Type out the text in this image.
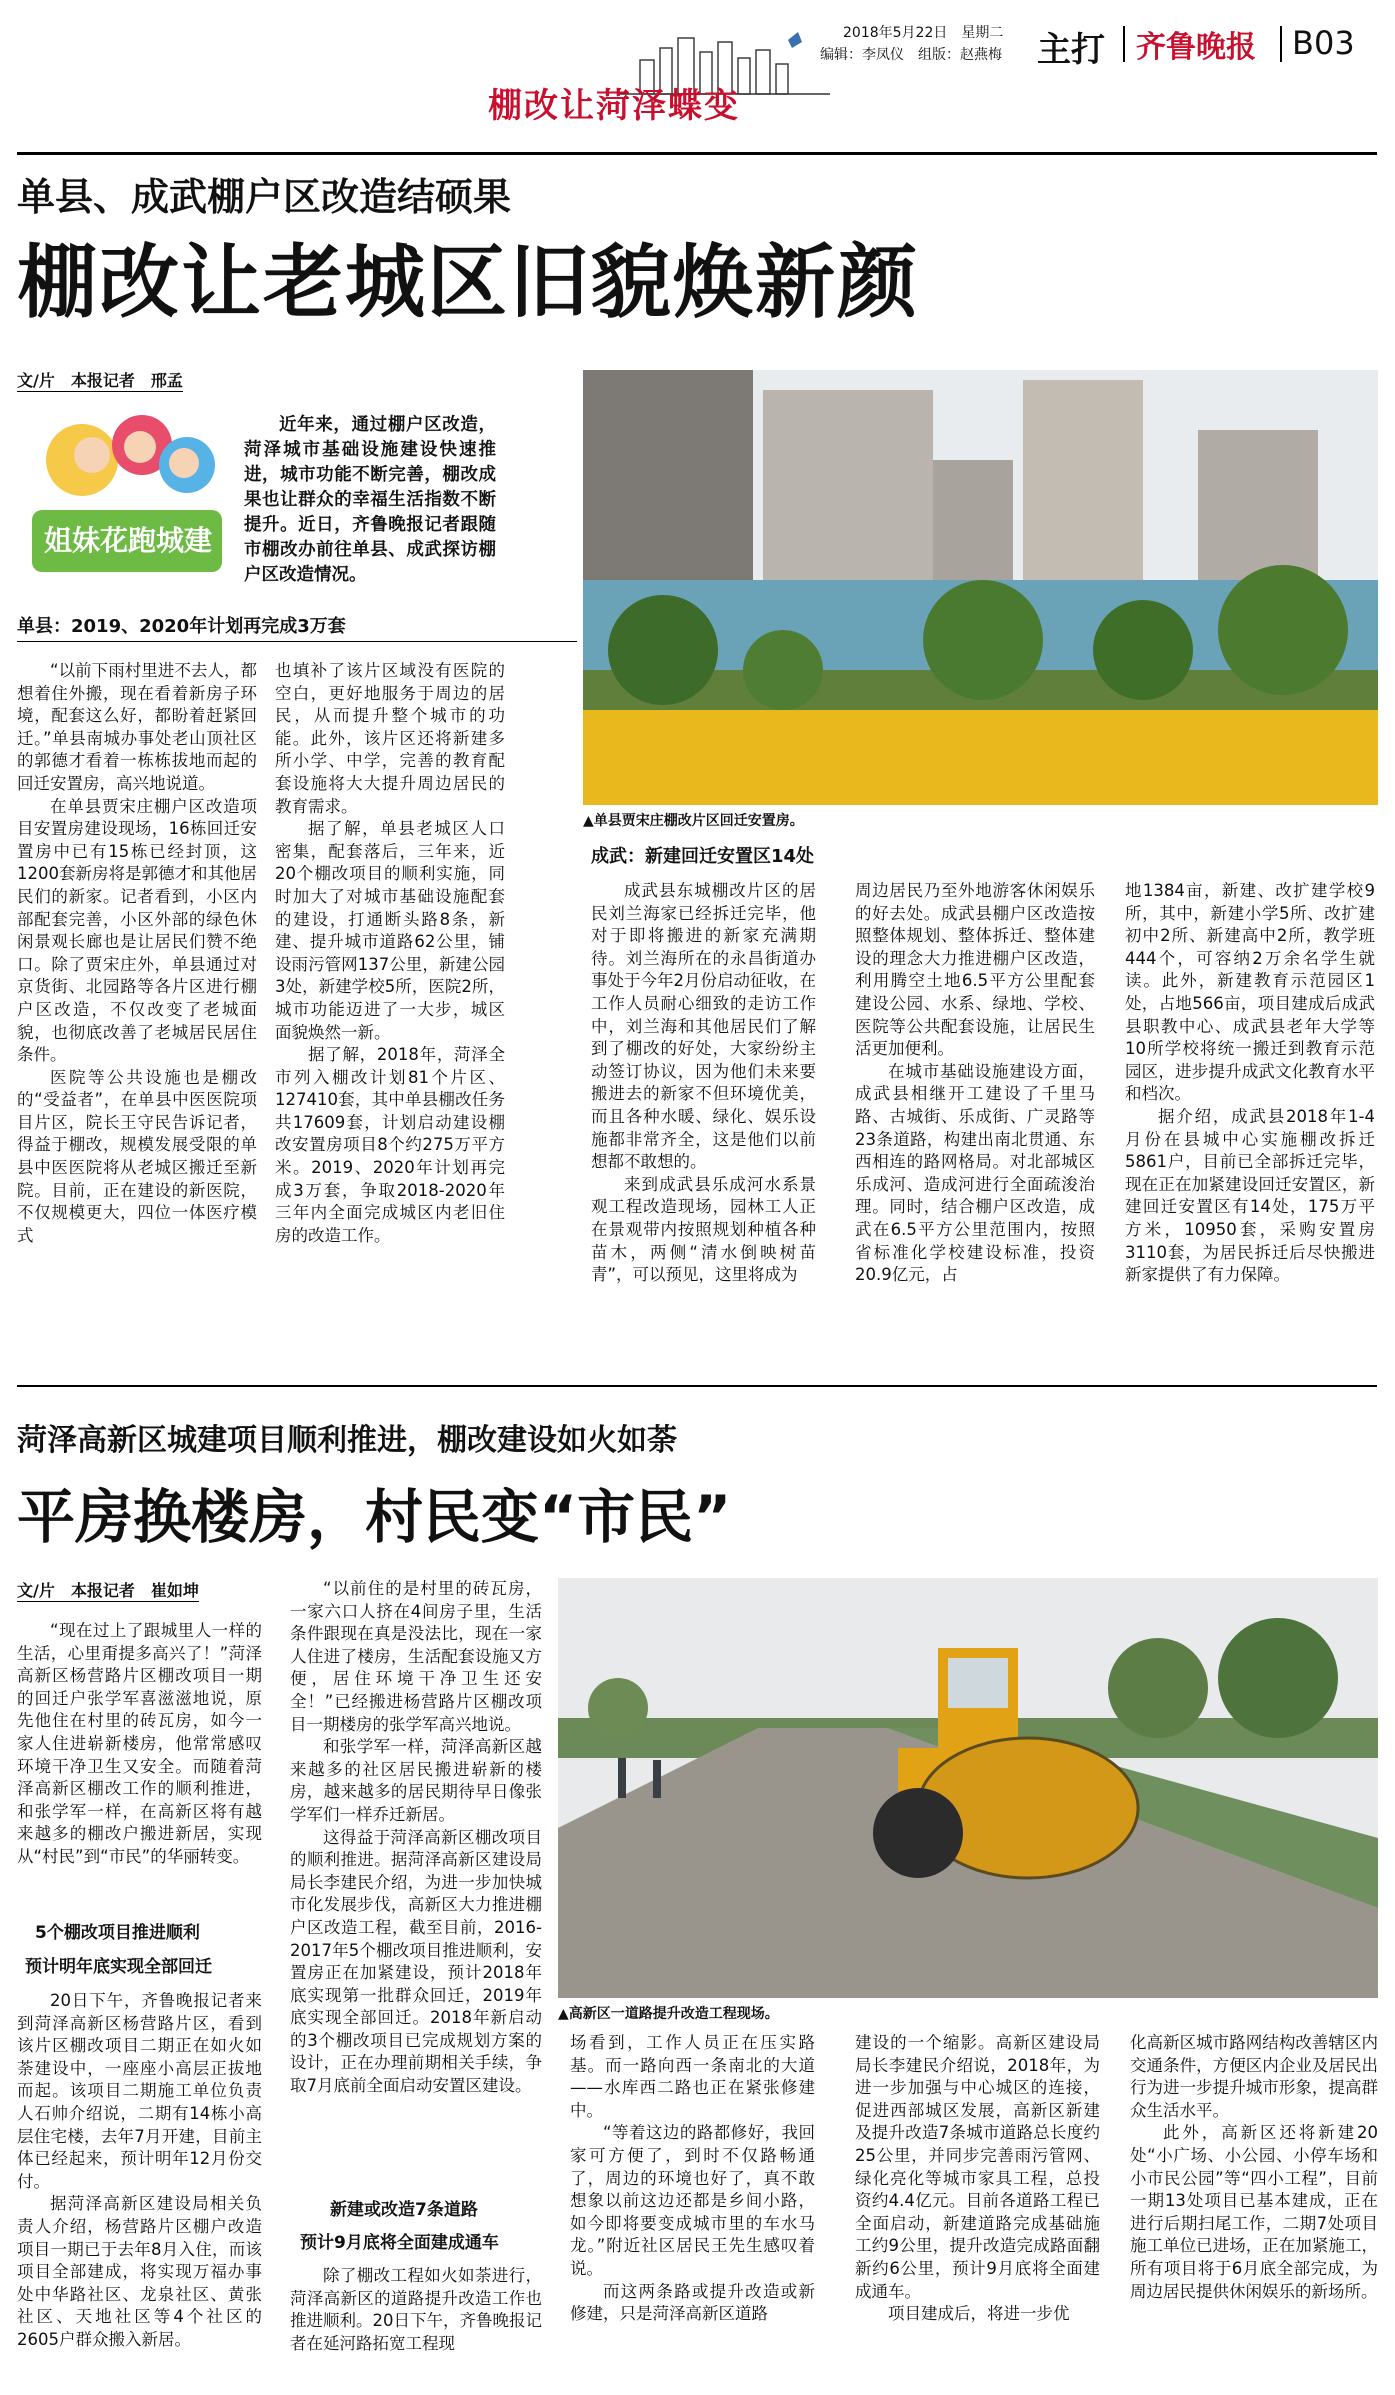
棚改让菏泽蝶变
2018年5月22日　 星期二
编辑：李凤仪　 组版：赵燕梅 主打 齐鲁晚报 B03
单县、成武棚户区改造结硕果
棚改让老城区旧貌焕新颜
文/片　本报记者　邢孟
姐妹花跑城建

近年来，通过棚户区改造，菏泽城市基础设施建设快速推进，城市功能不断完善，棚改成果也让群众的幸福生活指数不断提升。近日，齐鲁晚报记者跟随市棚改办前往单县、成武探访棚户区改造情况。

单县：2019、2020年计划再完成3万套

“以前下雨村里进不去人，都想着住外搬，现在看着新房子环境，配套这么好，都盼着赶紧回迁。”单县南城办事处老山顶社区的郭德才看着一栋栋拔地而起的回迁安置房，高兴地说道。

在单县贾宋庄棚户区改造项目安置房建设现场，16栋回迁安置房中已有15栋已经封顶，这1200套新房将是郭德才和其他居民们的新家。记者看到，小区内部配套完善，小区外部的绿色休闲景观长廊也是让居民们赞不绝口。除了贾宋庄外，单县通过对京货街、北园路等各片区进行棚户区改造，不仅改变了老城面貌，也彻底改善了老城居民居住条件。

医院等公共设施也是棚改的“受益者”，在单县中医医院项目片区，院长王守民告诉记者，得益于棚改，规模发展受限的单县中医医院将从老城区搬迁至新院。目前，正在建设的新医院，不仅规模更大，四位一体医疗模式

也填补了该片区域没有医院的空白，更好地服务于周边的居民，从而提升整个城市的功能。此外，该片区还将新建多所小学、中学，完善的教育配套设施将大大提升周边居民的教育需求。

据了解，单县老城区人口密集，配套落后，三年来，近20个棚改项目的顺利实施，同时加大了对城市基础设施配套的建设，打通断头路8条，新建、提升城市道路62公里，铺设雨污管网137公里，新建公园3处，新建学校5所，医院2所，城市功能迈进了一大步，城区面貌焕然一新。

据了解，2018年，菏泽全市列入棚改计划81个片区、127410套，其中单县棚改任务共17609套，计划启动建设棚改安置房项目8个约275万平方米。2019、2020年计划再完成3万套，争取2018-2020年三年内全面完成城区内老旧住房的改造工作。

▲单县贾宋庄棚改片区回迁安置房。
成武：新建回迁安置区14处

成武县东城棚改片区的居民刘兰海家已经拆迁完毕，他对于即将搬进的新家充满期待。刘兰海所在的永昌街道办事处于今年2月份启动征收，在工作人员耐心细致的走访工作中，刘兰海和其他居民们了解到了棚改的好处，大家纷纷主动签订协议，因为他们未来要搬进去的新家不但环境优美，而且各种水暖、绿化、娱乐设施都非常齐全，这是他们以前想都不敢想的。

来到成武县乐成河水系景观工程改造现场，园林工人正在景观带内按照规划种植各种苗木，两侧“清水倒映树苗青”，可以预见，这里将成为

周边居民乃至外地游客休闲娱乐的好去处。成武县棚户区改造按照整体规划、整体拆迁、整体建设的理念大力推进棚户区改造，利用腾空土地6.5平方公里配套建设公园、水系、绿地、学校、医院等公共配套设施，让居民生活更加便利。

在城市基础设施建设方面，成武县相继开工建设了千里马路、古城街、乐成街、广灵路等23条道路，构建出南北贯通、东西相连的路网格局。对北部城区乐成河、造成河进行全面疏浚治理。同时，结合棚户区改造，成武在6.5平方公里范围内，按照省标准化学校建设标准，投资20.9亿元，占

地1384亩，新建、改扩建学校9所，其中，新建小学5所、改扩建初中2所、新建高中2所，教学班444个，可容纳2万余名学生就读。此外，新建教育示范园区1处，占地566亩，项目建成后成武县职教中心、成武县老年大学等10所学校将统一搬迁到教育示范园区，进步提升成武文化教育水平和档次。

据介绍，成武县2018年1-4月份在县城中心实施棚改拆迁5861户，目前已全部拆迁完毕，现在正在加紧建设回迁安置区，新建回迁安置区有14处，175万平方米，10950套，采购安置房3110套，为居民拆迁后尽快搬进新家提供了有力保障。

菏泽高新区城建项目顺利推进，棚改建设如火如荼
平房换楼房，村民变“市民”
文/片　本报记者　崔如坤

“现在过上了跟城里人一样的生活，心里甭提多高兴了！”菏泽高新区杨营路片区棚改项目一期的回迁户张学军喜滋滋地说，原先他住在村里的砖瓦房，如今一家人住进崭新楼房，他常常感叹环境干净卫生又安全。而随着菏泽高新区棚改工作的顺利推进，和张学军一样，在高新区将有越来越多的棚改户搬进新居，实现从“村民”到“市民”的华丽转变。

5个棚改项目推进顺利
预计明年底实现全部回迁

20日下午，齐鲁晚报记者来到菏泽高新区杨营路片区，看到该片区棚改项目二期正在如火如荼建设中，一座座小高层正拔地而起。该项目二期施工单位负责人石帅介绍说，二期有14栋小高层住宅楼，去年7月开建，目前主体已经起来，预计明年12月份交付。

据菏泽高新区建设局相关负责人介绍，杨营路片区棚户改造项目一期已于去年8月入住，而该项目全部建成，将实现万福办事处中华路社区、龙泉社区、黄张社区、天地社区等4个社区的2605户群众搬入新居。

“以前住的是村里的砖瓦房，一家六口人挤在4间房子里，生活条件跟现在真是没法比，现在一家人住进了楼房，生活配套设施又方便，居住环境干净卫生还安全！”已经搬进杨营路片区棚改项目一期楼房的张学军高兴地说。

和张学军一样，菏泽高新区越来越多的社区居民搬进崭新的楼房，越来越多的居民期待早日像张学军们一样乔迁新居。

这得益于菏泽高新区棚改项目的顺利推进。据菏泽高新区建设局局长李建民介绍，为进一步加快城市化发展步伐，高新区大力推进棚户区改造工程，截至目前，2016-2017年5个棚改项目推进顺利，安置房正在加紧建设，预计2018年底实现第一批群众回迁，2019年底实现全部回迁。2018年新启动的3个棚改项目已完成规划方案的设计，正在办理前期相关手续，争取7月底前全面启动安置区建设。

新建或改造7条道路
预计9月底将全面建成通车

除了棚改工程如火如荼进行，菏泽高新区的道路提升改造工作也推进顺利。20日下午，齐鲁晚报记者在延河路拓宽工程现

▲高新区一道路提升改造工程现场。

场看到，工作人员正在压实路基。而一路向西一条南北的大道——水库西二路也正在紧张修建中。

“等着这边的路都修好，我回家可方便了，到时不仅路畅通了，周边的环境也好了，真不敢想象以前这边还都是乡间小路，如今即将要变成城市里的车水马龙。”附近社区居民王先生感叹着说。

而这两条路或提升改造或新修建，只是菏泽高新区道路

建设的一个缩影。高新区建设局局长李建民介绍说，2018年，为进一步加强与中心城区的连接，促进西部城区发展，高新区新建及提升改造7条城市道路总长度约25公里，并同步完善雨污管网、绿化亮化等城市家具工程，总投资约4.4亿元。目前各道路工程已全面启动，新建道路完成基础施工约9公里，提升改造完成路面翻新约6公里，预计9月底将全面建成通车。

项目建成后，将进一步优

化高新区城市路网结构改善辖区内交通条件，方便区内企业及居民出行为进一步提升城市形象，提高群众生活水平。

此外，高新区还将新建20处“小广场、小公园、小停车场和小市民公园”等“四小工程”，目前一期13处项目已基本建成，正在进行后期扫尾工作，二期7处项目施工单位已进场，正在加紧施工，所有项目将于6月底全部完成，为周边居民提供休闲娱乐的新场所。
